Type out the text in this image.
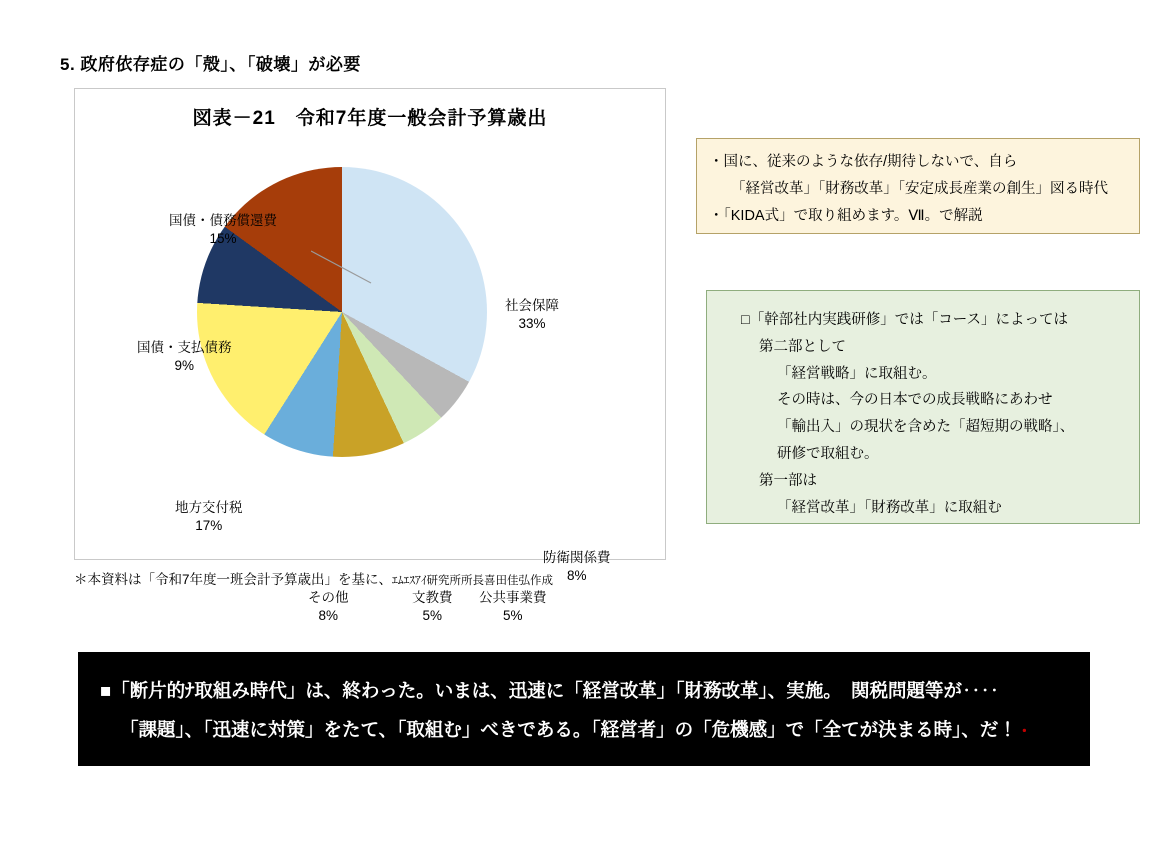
5. 政府依存症の「殻」、「破壊」が必要
図表－21　令和7年度一般会計予算歳出
社会保障
33%
防衛関係費
8%
公共事業費
5%
文教費
5%
その他
8%
地方交付税
17%
国債・支払債務
9%
国債・債務償還費
15%
＊本資料は「令和7年度一班会計予算歳出」を基に、ｴﾑｴｽｱｲ研究所所長喜田佳弘作成
・国に、従来のような依存/期待しないで、自ら
「経営改革」「財務改革」「安定成長産業の創生」図る時代
・「KIDA式」で取り組めます。Ⅶ。で解説
□「幹部社内実践研修」では「コース」によっては
第二部として
「経営戦略」に取組む。
その時は、今の日本での成長戦略にあわせ
「輸出入」の現状を含めた「超短期の戦略」、
研修で取組む。
第一部は
「経営改革」「財務改革」に取組む
■「断片的ﾅ取組み時代」は、終わった。いまは、迅速に「経営改革」「財務改革」、実施。　関税問題等が‥‥
「課題」、「迅速に対策」をたて、「取組む」べきである。「経営者」の「危機感」で「全てが決まる時」、だ！・
